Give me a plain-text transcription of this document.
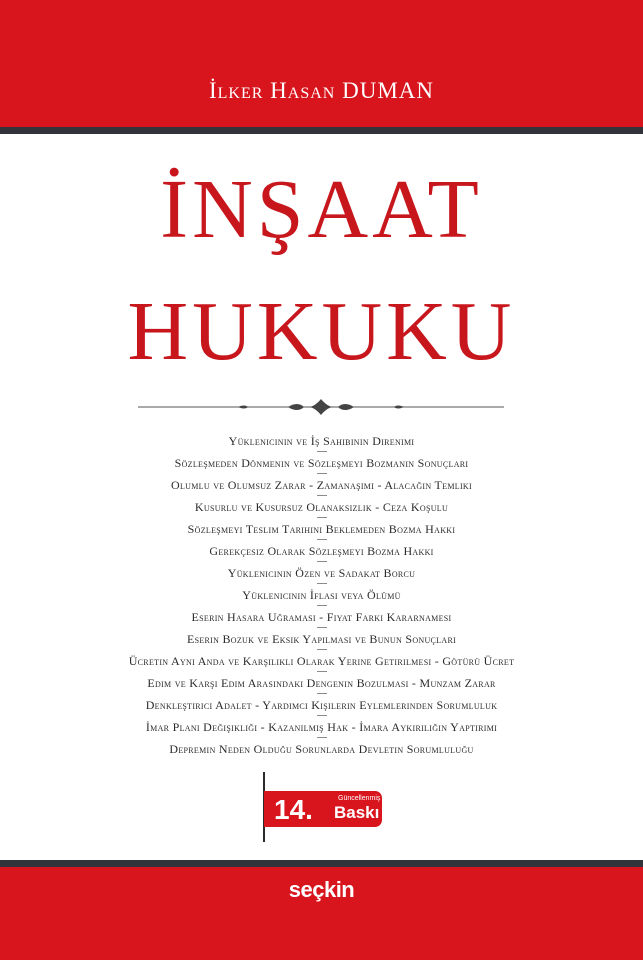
İlker Hasan DUMAN
İNŞAAT
HUKUKU
Yüklenicinin ve İş Sahibinin Direnimi
Sözleşmeden Dönmenin ve Sözleşmeyi Bozmanın Sonuçları
Olumlu ve Olumsuz Zarar - Zamanaşımı - Alacağın Temliki
Kusurlu ve Kusursuz Olanaksızlık - Ceza Koşulu
Sözleşmeyi Teslim Tarihini Beklemeden Bozma Hakkı
Gerekçesiz Olarak Sözleşmeyi Bozma Hakkı
Yüklenicinin Özen ve Sadakat Borcu
Yüklenicinin İflası veya Ölümü
Eserin Hasara Uğraması - Fiyat Farkı Kararnamesi
Eserin Bozuk ve Eksik Yapılması ve Bunun Sonuçları
Ücretin Aynı Anda ve Karşılıklı Olarak Yerine Getirilmesi - Götürü Ücret
Edim ve Karşı Edim Arasındaki Dengenin Bozulması - Munzam Zarar
Denkleştirici Adalet - Yardımcı Kişilerin Eylemlerinden Sorumluluk
İmar Planı Değişikliği - Kazanılmış Hak - İmara Aykırılığın Yaptırımı
Depremin Neden Olduğu Sorunlarda Devletin Sorumluluğu
14.	Güncellenmiş
Baskı
seçkin
